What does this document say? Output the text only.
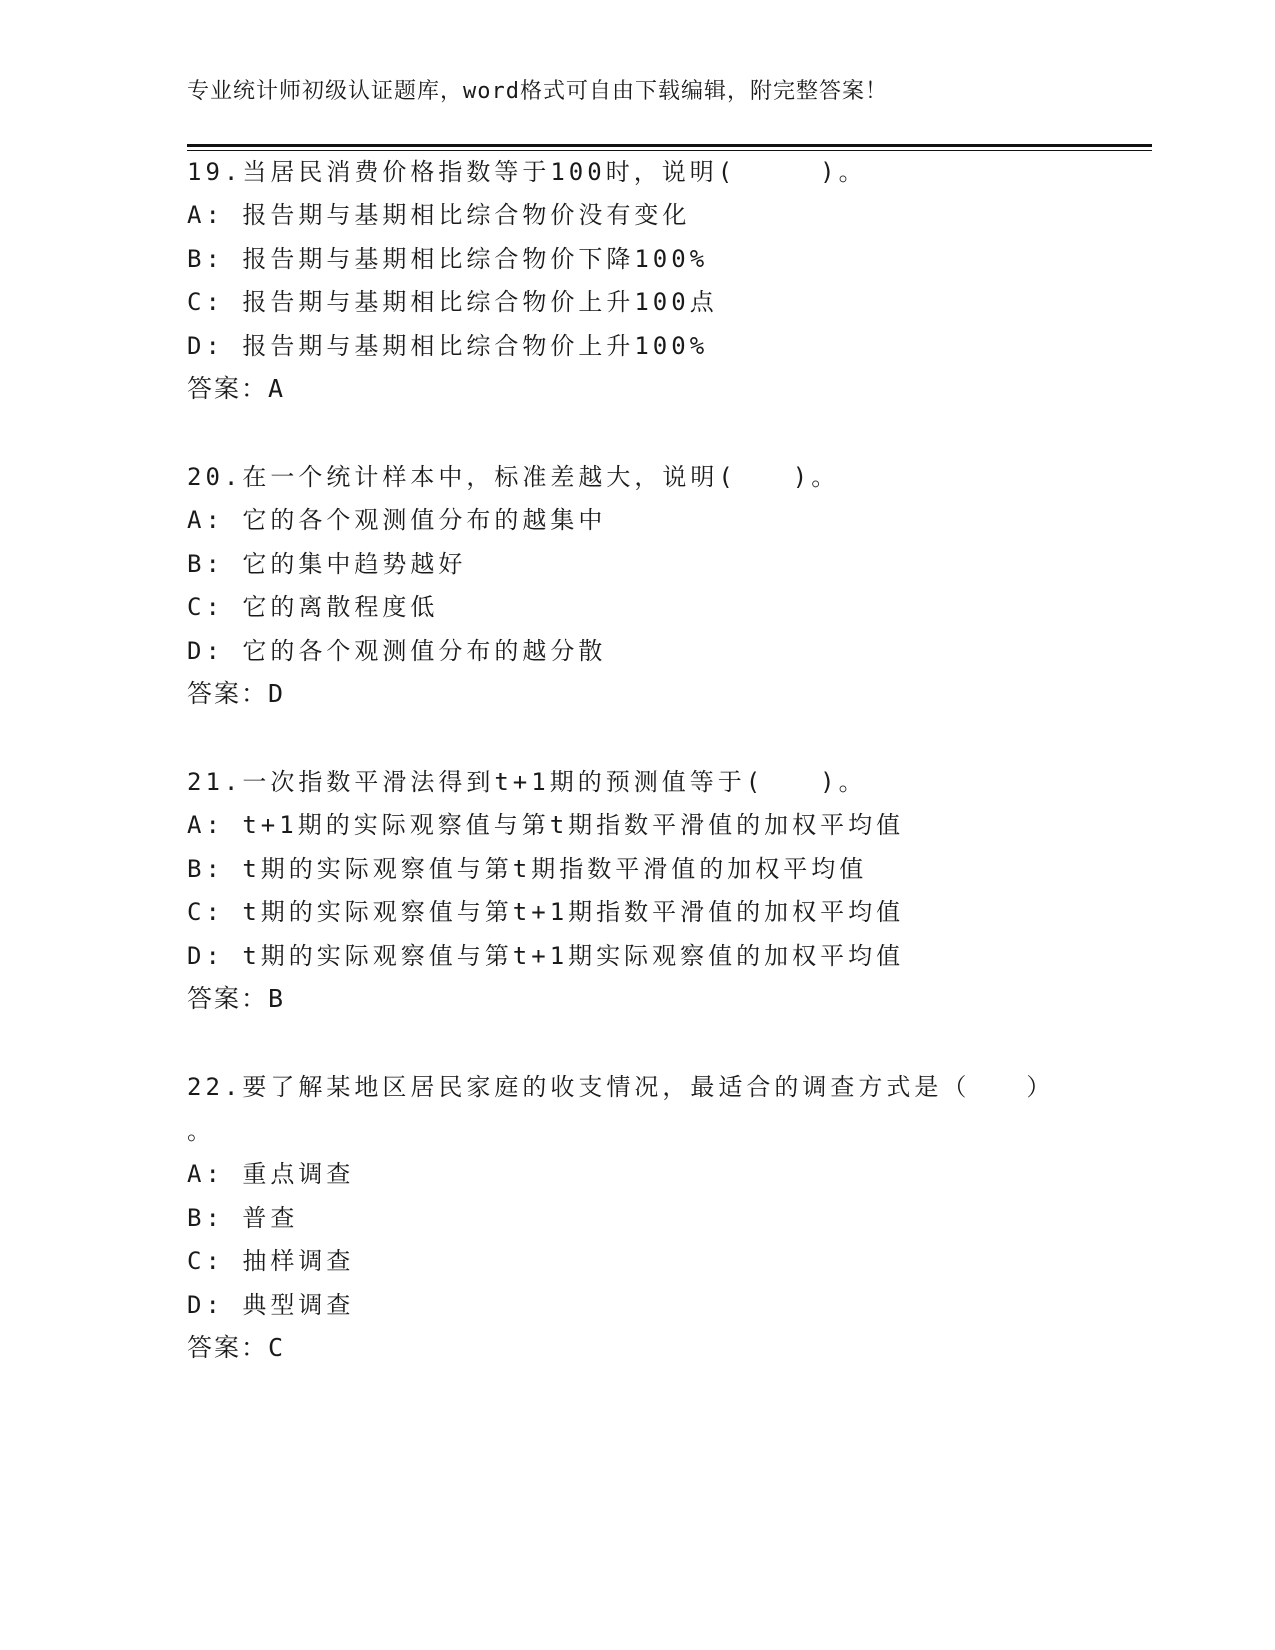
专业统计师初级认证题库，word格式可自由下载编辑，附完整答案！
19.当居民消费价格指数等于100时，说明(　　　)。
A: 报告期与基期相比综合物价没有变化
B: 报告期与基期相比综合物价下降100%
C: 报告期与基期相比综合物价上升100点
D: 报告期与基期相比综合物价上升100%
答案：A
20.在一个统计样本中，标准差越大，说明(　　)。
A: 它的各个观测值分布的越集中
B: 它的集中趋势越好
C: 它的离散程度低
D: 它的各个观测值分布的越分散
答案：D
21.一次指数平滑法得到t+1期的预测值等于(　　)。
A: t+1期的实际观察值与第t期指数平滑值的加权平均值
B: t期的实际观察值与第t期指数平滑值的加权平均值
C: t期的实际观察值与第t+1期指数平滑值的加权平均值
D: t期的实际观察值与第t+1期实际观察值的加权平均值
答案：B
22.要了解某地区居民家庭的收支情况，最适合的调查方式是（　　）
。
A: 重点调查
B: 普查
C: 抽样调查
D: 典型调查
答案：C
